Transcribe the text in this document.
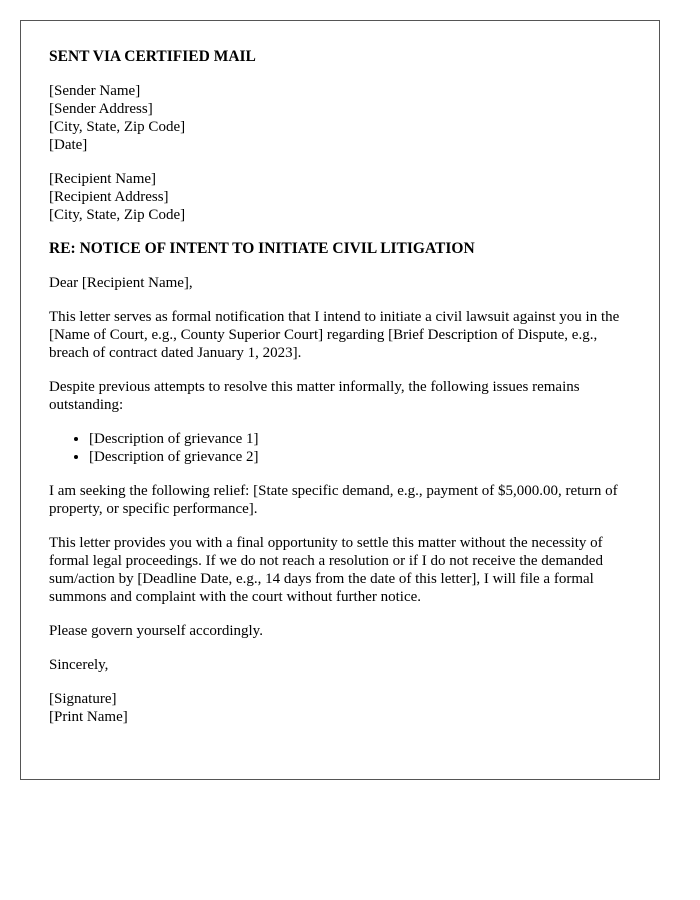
SENT VIA CERTIFIED MAIL
[Sender Name]
[Sender Address]
[City, State, Zip Code]
[Date]
[Recipient Name]
[Recipient Address]
[City, State, Zip Code]
RE: NOTICE OF INTENT TO INITIATE CIVIL LITIGATION

Dear [Recipient Name],

This letter serves as formal notification that I intend to initiate a civil lawsuit against you in the [Name of Court, e.g., County Superior Court] regarding [Brief Description of Dispute, e.g., breach of contract dated January 1, 2023].

Despite previous attempts to resolve this matter informally, the following issues remains outstanding:

• [Description of grievance 1]
• [Description of grievance 2]

I am seeking the following relief: [State specific demand, e.g., payment of $5,000.00, return of property, or specific performance].

This letter provides you with a final opportunity to settle this matter without the necessity of formal legal proceedings. If we do not reach a resolution or if I do not receive the demanded sum/action by [Deadline Date, e.g., 14 days from the date of this letter], I will file a formal summons and complaint with the court without further notice.

Please govern yourself accordingly.

Sincerely,

[Signature]
[Print Name]
